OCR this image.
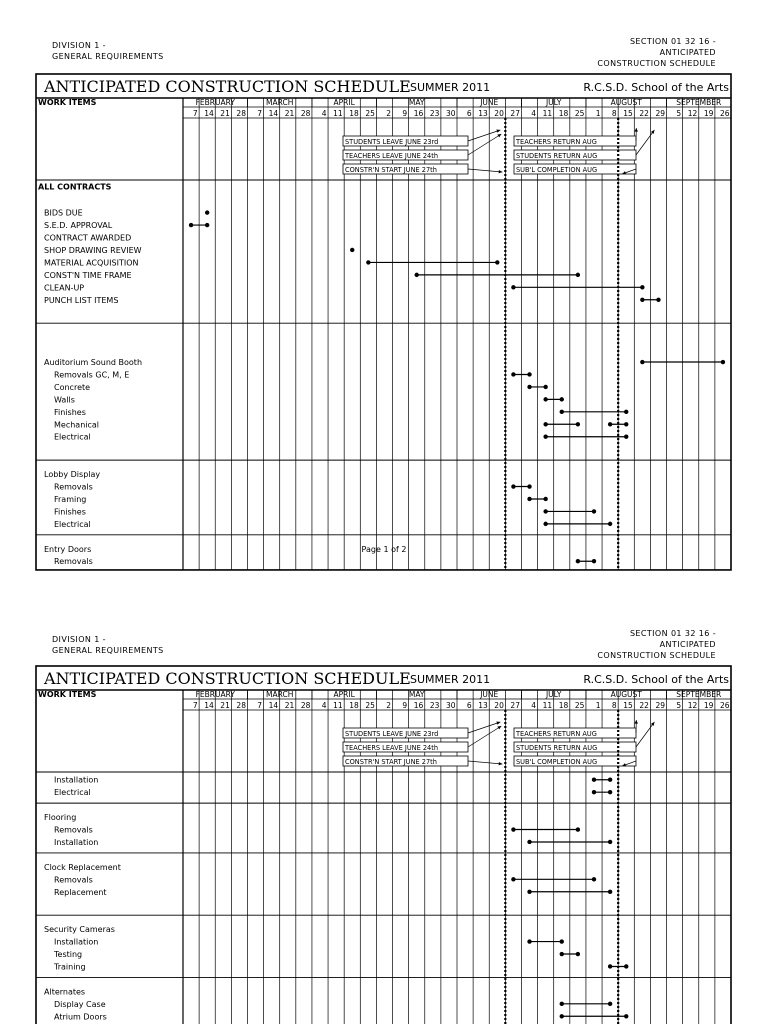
DIVISION 1 -
GENERAL REQUIREMENTS
SECTION 01 32 16 -
ANTICIPATED
CONSTRUCTION SCHEDULE
ANTICIPATED CONSTRUCTION SCHEDULE SUMMER 2011	R.C.S.D. School of the Arts
WORK ITEMS	FEBRUARY
7 14 21 28
MARCH
7 14 21 28
APRIL
4 11 18 25
MAY
2 9 16 23 30
JUNE
6 13 20 27
JULY
4 11 18 25
AUGUST
1 8 15 22 29
SEPTEMBER
5 12 19 26
STUDENTS LEAVE JUNE 23rd
TEACHERS LEAVE JUNE 24th
CONSTR'N START JUNE 27th
TEACHERS RETURN AUG
STUDENTS RETURN AUG
SUB'L COMPLETION AUG
ALL CONTRACTS
BIDS DUE
S.E.D. APPROVAL
CONTRACT AWARDED
SHOP DRAWING REVIEW
MATERIAL ACQUISITION
CONST'N TIME FRAME
CLEAN-UP
PUNCH LIST ITEMS
Auditorium Sound Booth
Removals GC, M, E
Concrete
Walls
Finishes
Mechanical
Electrical
Lobby Display
Removals
Framing
Finishes
Electrical
Entry Doors
Removals
Page 1 of 2
DIVISION 1 -
GENERAL REQUIREMENTS
SECTION 01 32 16 -
ANTICIPATED
CONSTRUCTION SCHEDULE
ANTICIPATED CONSTRUCTION SCHEDULE SUMMER 2011	R.C.S.D. School of the Arts
WORK ITEMS	FEBRUARY
7 14 21 28
MARCH
7 14 21 28
APRIL
4 11 18 25
MAY
2 9 16 23 30
JUNE
6 13 20 27
JULY
4 11 18 25
AUGUST
1 8 15 22 29
SEPTEMBER
5 12 19 26
STUDENTS LEAVE JUNE 23rd
TEACHERS LEAVE JUNE 24th
CONSTR'N START JUNE 27th
TEACHERS RETURN AUG
STUDENTS RETURN AUG
SUB'L COMPLETION AUG
Installation
Electrical
Flooring
Removals
Installation
Clock Replacement
Removals
Replacement
Security Cameras
Installation
Testing
Training
Alternates
Display Case
Atrium Doors
